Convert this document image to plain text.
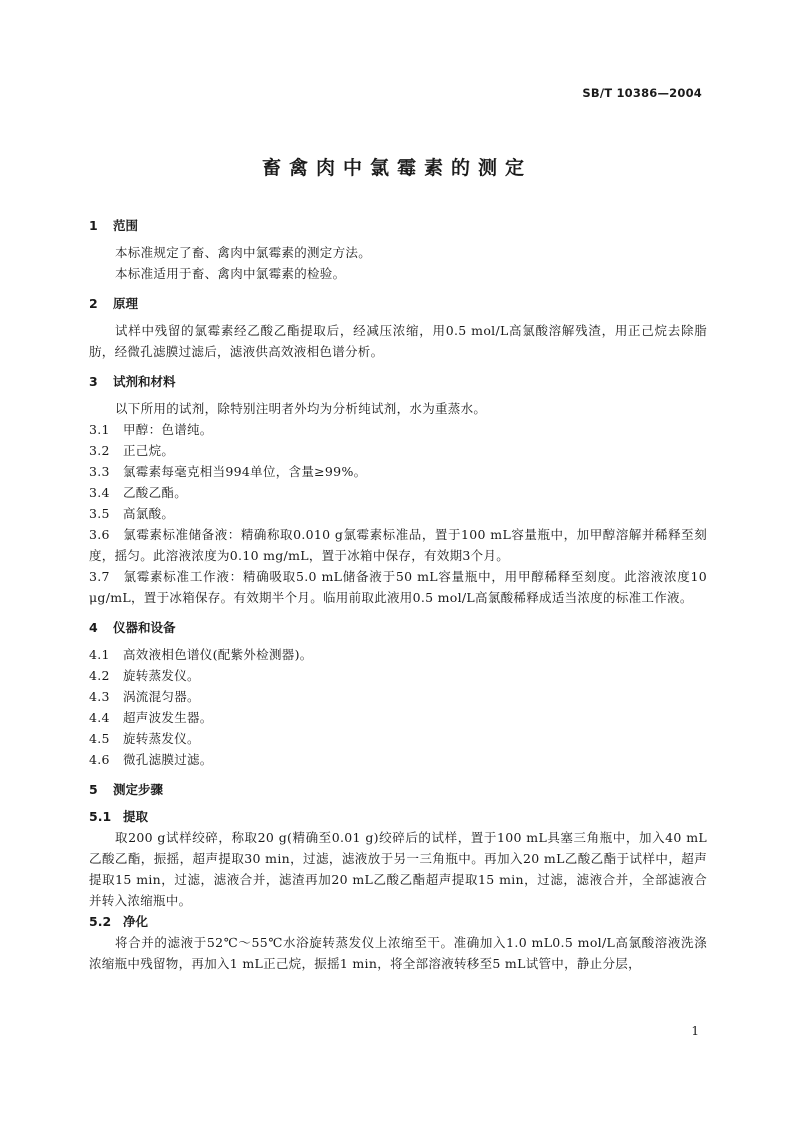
SB/T 10386—2004
畜禽肉中氯霉素的测定
1 范围

本标准规定了畜、禽肉中氯霉素的测定方法。

本标准适用于畜、禽肉中氯霉素的检验。

2 原理

试样中残留的氯霉素经乙酸乙酯提取后，经减压浓缩，用0.5 mol/L高氯酸溶解残渣，用正己烷去除脂肪，经微孔滤膜过滤后，滤液供高效液相色谱分析。

3 试剂和材料

以下所用的试剂，除特别注明者外均为分析纯试剂，水为重蒸水。

3.1 甲醇：色谱纯。
3.2 正己烷。
3.3 氯霉素每毫克相当994单位，含量≥99%。
3.4 乙酸乙酯。
3.5 高氯酸。
3.6 氯霉素标准储备液：精确称取0.010 g氯霉素标准品，置于100 mL容量瓶中，加甲醇溶解并稀释至刻度，摇匀。此溶液浓度为0.10 mg/mL，置于冰箱中保存，有效期3个月。
3.7 氯霉素标准工作液：精确吸取5.0 mL储备液于50 mL容量瓶中，用甲醇稀释至刻度。此溶液浓度10 μg/mL，置于冰箱保存。有效期半个月。临用前取此液用0.5 mol/L高氯酸稀释成适当浓度的标准工作液。
4 仪器和设备
4.1 高效液相色谱仪(配紫外检测器)。
4.2 旋转蒸发仪。
4.3 涡流混匀器。
4.4 超声波发生器。
4.5 旋转蒸发仪。
4.6 微孔滤膜过滤。
5 测定步骤
5.1 提取

取200 g试样绞碎，称取20 g(精确至0.01 g)绞碎后的试样，置于100 mL具塞三角瓶中，加入40 mL乙酸乙酯，振摇，超声提取30 min，过滤，滤液放于另一三角瓶中。再加入20 mL乙酸乙酯于试样中，超声提取15 min，过滤，滤液合并，滤渣再加20 mL乙酸乙酯超声提取15 min，过滤，滤液合并，全部滤液合并转入浓缩瓶中。

5.2 净化

将合并的滤液于52℃～55℃水浴旋转蒸发仪上浓缩至干。准确加入1.0 mL0.5 mol/L高氯酸溶液洗涤浓缩瓶中残留物，再加入1 mL正己烷，振摇1 min，将全部溶液转移至5 mL试管中，静止分层，

1
